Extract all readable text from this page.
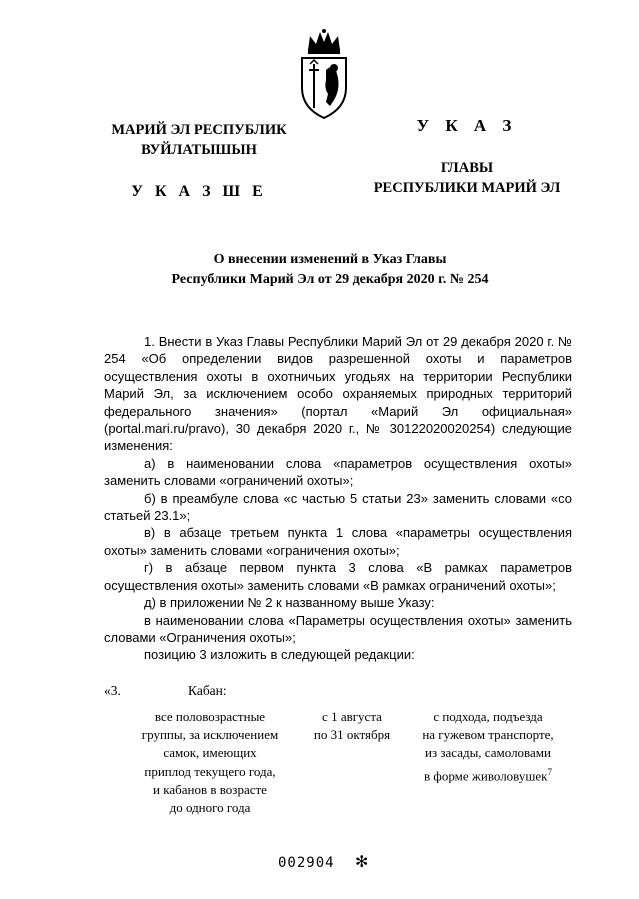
МАРИЙ ЭЛ РЕСПУБЛИК
ВУЙЛАТЫШЫН
У К А З Ш Е
У К А З
ГЛАВЫ
РЕСПУБЛИКИ МАРИЙ ЭЛ
О внесении изменений в Указ Главы
Республики Марий Эл от 29 декабря 2020 г. № 254

1. Внести в Указ Главы Республики Марий Эл от 29 декабря 2020 г. № 254 «Об определении видов разрешенной охоты и параметров осуществления охоты в охотничьих угодьях на территории Республики Марий Эл, за исключением особо охраняемых природных территорий федерального значения» (портал «Марий Эл официальная» (portal.mari.ru/pravo), 30 декабря 2020 г., № 30122020020254) следующие изменения:

а) в наименовании слова «параметров осуществления охоты» заменить словами «ограничений охоты»;

б) в преамбуле слова «с частью 5 статьи 23» заменить словами «со статьей 23.1»;

в) в абзаце третьем пункта 1 слова «параметры осуществления охоты» заменить словами «ограничения охоты»;

г) в абзаце первом пункта 3 слова «В рамках параметров осуществления охоты» заменить словами «В рамках ограничений охоты»;

д) в приложении № 2 к названному выше Указу:

в наименовании слова «Параметры осуществления охоты» заменить словами «Ограничения охоты»;

позицию 3 изложить в следующей редакции:

«3.	Кабан:
все половозрастные
группы, за исключением
самок, имеющих
приплод текущего года,
и кабанов в возрасте
до одного года
с 1 августа
по 31 октября
с подхода, подъезда
на гужевом транспорте,
из засады, самоловами
в форме живоловушек$^7$
002904 ✻
